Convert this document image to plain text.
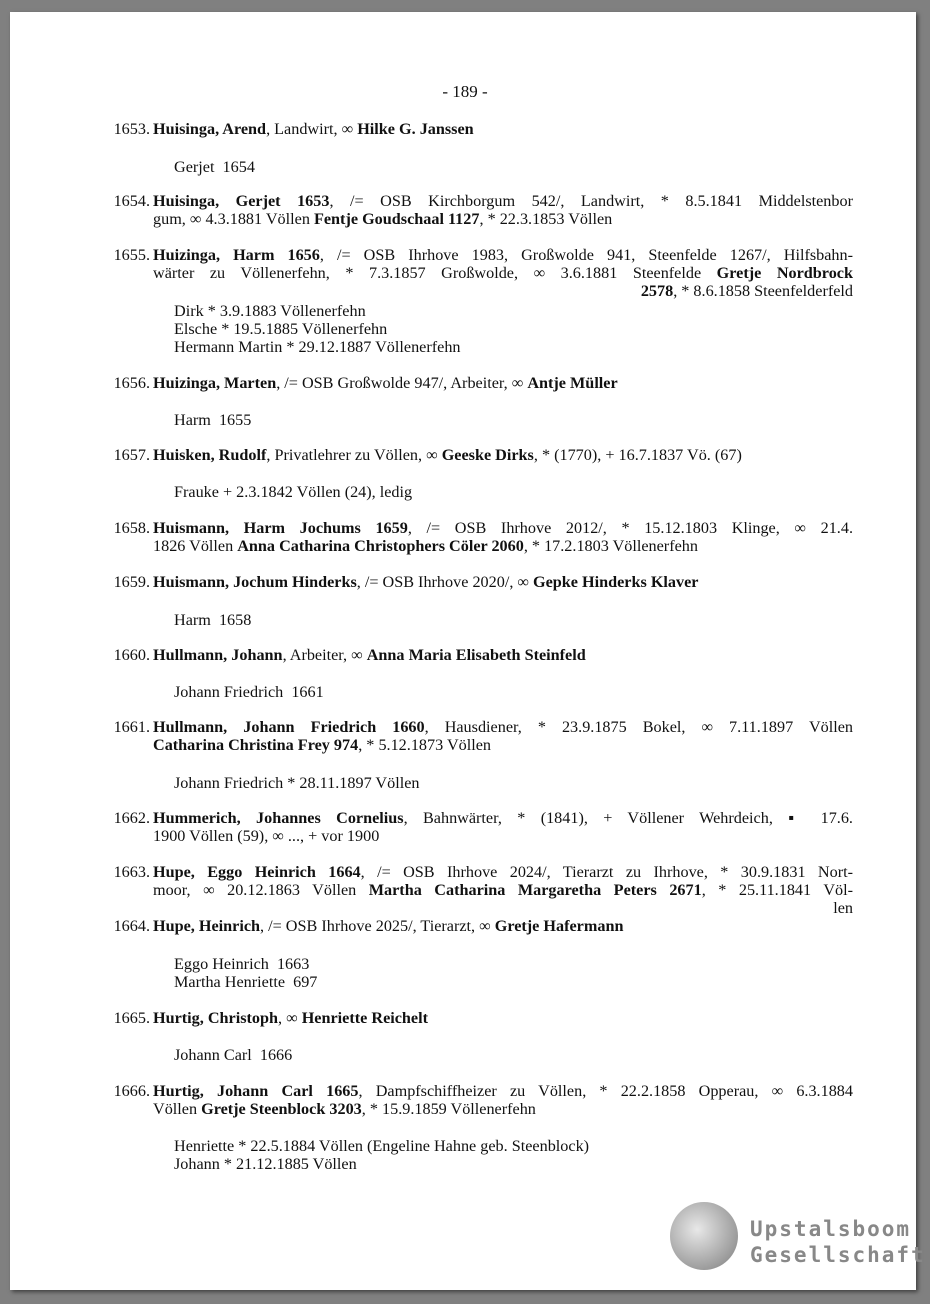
- 189 -
1653. Huisinga, Arend, Landwirt, ∞ Hilke G. Janssen
Gerjet  1654
1654. Huisinga, Gerjet 1653, /= OSB Kirchborgum 542/, Landwirt, * 8.5.1841 Middelstenbor
gum, ∞ 4.3.1881 Völlen Fentje Goudschaal 1127, * 22.3.1853 Völlen
1655. Huizinga, Harm 1656, /= OSB Ihrhove 1983, Großwolde 941, Steenfelde 1267/, Hilfsbahn-
wärter zu Völlenerfehn, * 7.3.1857 Großwolde, ∞ 3.6.1881 Steenfelde Gretje Nordbrock
2578, * 8.6.1858 Steenfelderfeld
Dirk * 3.9.1883 Völlenerfehn
Elsche * 19.5.1885 Völlenerfehn
Hermann Martin * 29.12.1887 Völlenerfehn
1656. Huizinga, Marten, /= OSB Großwolde 947/, Arbeiter, ∞ Antje Müller
Harm  1655
1657. Huisken, Rudolf, Privatlehrer zu Völlen, ∞ Geeske Dirks, * (1770), + 16.7.1837 Vö. (67)
Frauke + 2.3.1842 Völlen (24), ledig
1658. Huismann, Harm Jochums 1659, /= OSB Ihrhove 2012/, * 15.12.1803 Klinge, ∞ 21.4.
1826 Völlen Anna Catharina Christophers Cöler 2060, * 17.2.1803 Völlenerfehn
1659. Huismann, Jochum Hinderks, /= OSB Ihrhove 2020/, ∞ Gepke Hinderks Klaver
Harm  1658
1660. Hullmann, Johann, Arbeiter, ∞ Anna Maria Elisabeth Steinfeld
Johann Friedrich  1661
1661. Hullmann, Johann Friedrich 1660, Hausdiener, * 23.9.1875 Bokel, ∞ 7.11.1897 Völlen
Catharina Christina Frey 974, * 5.12.1873 Völlen
Johann Friedrich * 28.11.1897 Völlen
1662. Hummerich, Johannes Cornelius, Bahnwärter, * (1841), + Völlener Wehrdeich, ▪ 17.6.
1900 Völlen (59), ∞ ..., + vor 1900
1663. Hupe, Eggo Heinrich 1664, /= OSB Ihrhove 2024/, Tierarzt zu Ihrhove, * 30.9.1831 Nort-
moor, ∞ 20.12.1863 Völlen Martha Catharina Margaretha Peters 2671, * 25.11.1841 Völ-
len
1664. Hupe, Heinrich, /= OSB Ihrhove 2025/, Tierarzt, ∞ Gretje Hafermann
Eggo Heinrich  1663
Martha Henriette  697
1665. Hurtig, Christoph, ∞ Henriette Reichelt
Johann Carl  1666
1666. Hurtig, Johann Carl 1665, Dampfschiffheizer zu Völlen, * 22.2.1858 Opperau, ∞ 6.3.1884
Völlen Gretje Steenblock 3203, * 15.9.1859 Völlenerfehn
Henriette * 22.5.1884 Völlen (Engeline Hahne geb. Steenblock)
Johann * 21.12.1885 Völlen
Upstalsboom
Gesellschaft
